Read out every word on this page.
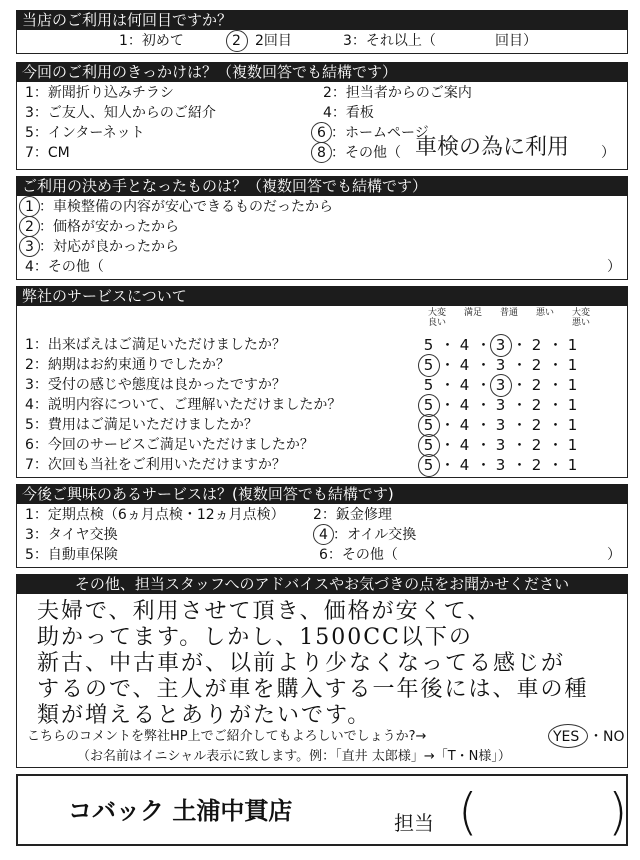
当店のご利用は何回目ですか？
1：初めて	2 2回目	3：それ以上（	回目）
今回のご利用のきっかけは？（複数回答でも結構です）
1：新聞折り込みチラシ	2：担当者からのご案内
3：ご友人、知人からのご紹介	4：看板
5：インターネット	6 ：ホームページ
7：CM	8 ：その他（ 車検の為に利用 ）
ご利用の決め手となったものは？（複数回答でも結構です）
1 ：車検整備の内容が安心できるものだったから
2 ：価格が安かったから
3 ：対応が良かったから
4：その他（	）
弊社のサービスについて
大変
良い
満足	普通	悪い	大変
悪い
1：出来ばえはご満足いただけましたか？	5 ・ 4 ・ 3 ・ 2 ・ 1
2：納期はお約束通りでしたか？	5 ・ 4 ・ 3 ・ 2 ・ 1
3：受付の感じや態度は良かったですか？	5 ・ 4 ・ 3 ・ 2 ・ 1
4：説明内容について、ご理解いただけましたか？	5 ・ 4 ・ 3 ・ 2 ・ 1
5：費用はご満足いただけましたか？	5 ・ 4 ・ 3 ・ 2 ・ 1
6：今回のサービスご満足いただけましたか？	5 ・ 4 ・ 3 ・ 2 ・ 1
7：次回も当社をご利用いただけますか？	5 ・ 4 ・ 3 ・ 2 ・ 1
今後ご興味のあるサービスは？(複数回答でも結構です)
1：定期点検（6ヵ月点検・12ヵ月点検） 2：鈑金修理
3：タイヤ交換	4 ：オイル交換
5：自動車保険	6：その他（	）
その他、担当スタッフへのアドバイスやお気づきの点をお聞かせください
夫婦で、利用させて頂き、価格が安くて、
助かってます。しかし、1500CC以下の
新古、中古車が、以前より少なくなってる感じが
するので、主人が車を購入する一年後には、車の種
類が増えるとありがたいです。
こちらのコメントを弊社HP上でご紹介してもよろしいでしょうか?→	YES ・ NO
（お名前はイニシャル表示に致します。例：「直井 太郎様」→「T・N様」）
コバック 土浦中貫店	担当 (	)
